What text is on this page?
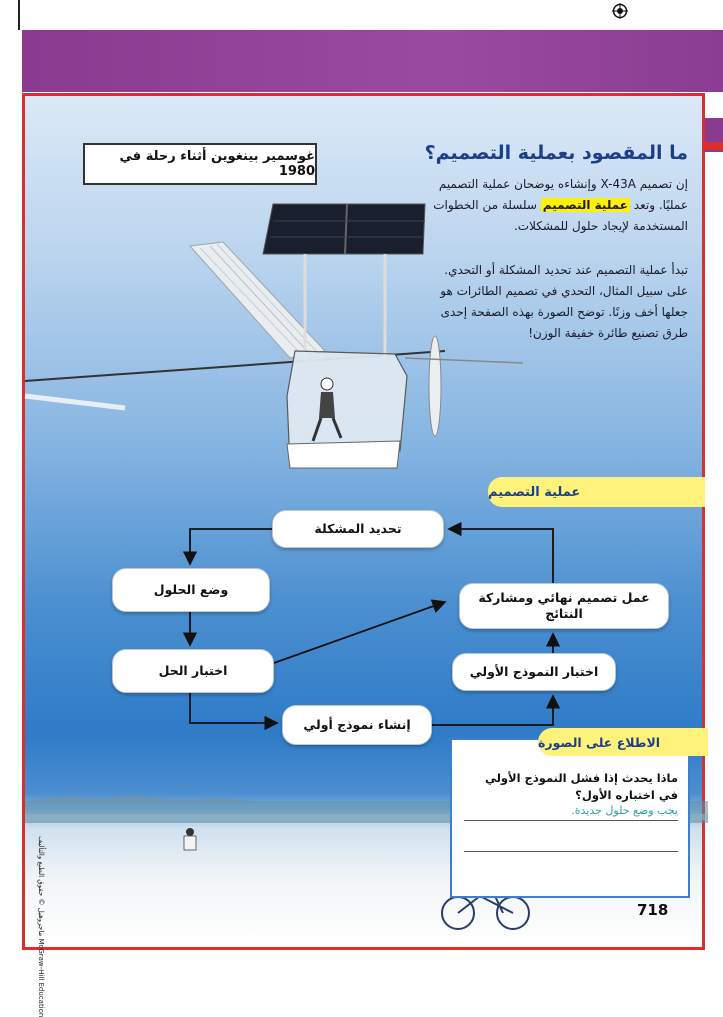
غوسمير بينغوين أثناء رحلة في 1980
ما المقصود بعملية التصميم؟
إن تصميم X-43A وإنشاءه يوضحان عملية التصميم عمليًا. وتعد عملية التصميم سلسلة من الخطوات المستخدمة لإيجاد حلول للمشكلات.
تبدأ عملية التصميم عند تحديد المشكلة أو التحدي. على سبيل المثال، التحدي في تصميم الطائرات هو جعلها أخف وزنًا. توضح الصورة بهذه الصفحة إحدى طرق تصنيع طائرة خفيفة الوزن!
عملية التصميم
تحديد المشكلة
وضع الحلول
عمل تصميم نهائي ومشاركة النتائج
اختبار الحل	اختبار النموذج الأولي
إنشاء نموذج أولي
McGraw-Hill Education ماجروهيل © حقوق الطبع والتأليف
ماذا يحدث إذا فشل النموذج الأولي في اختباره الأول؟
يجب وضع حلول جديدة.
الاطلاع على الصورة
718
